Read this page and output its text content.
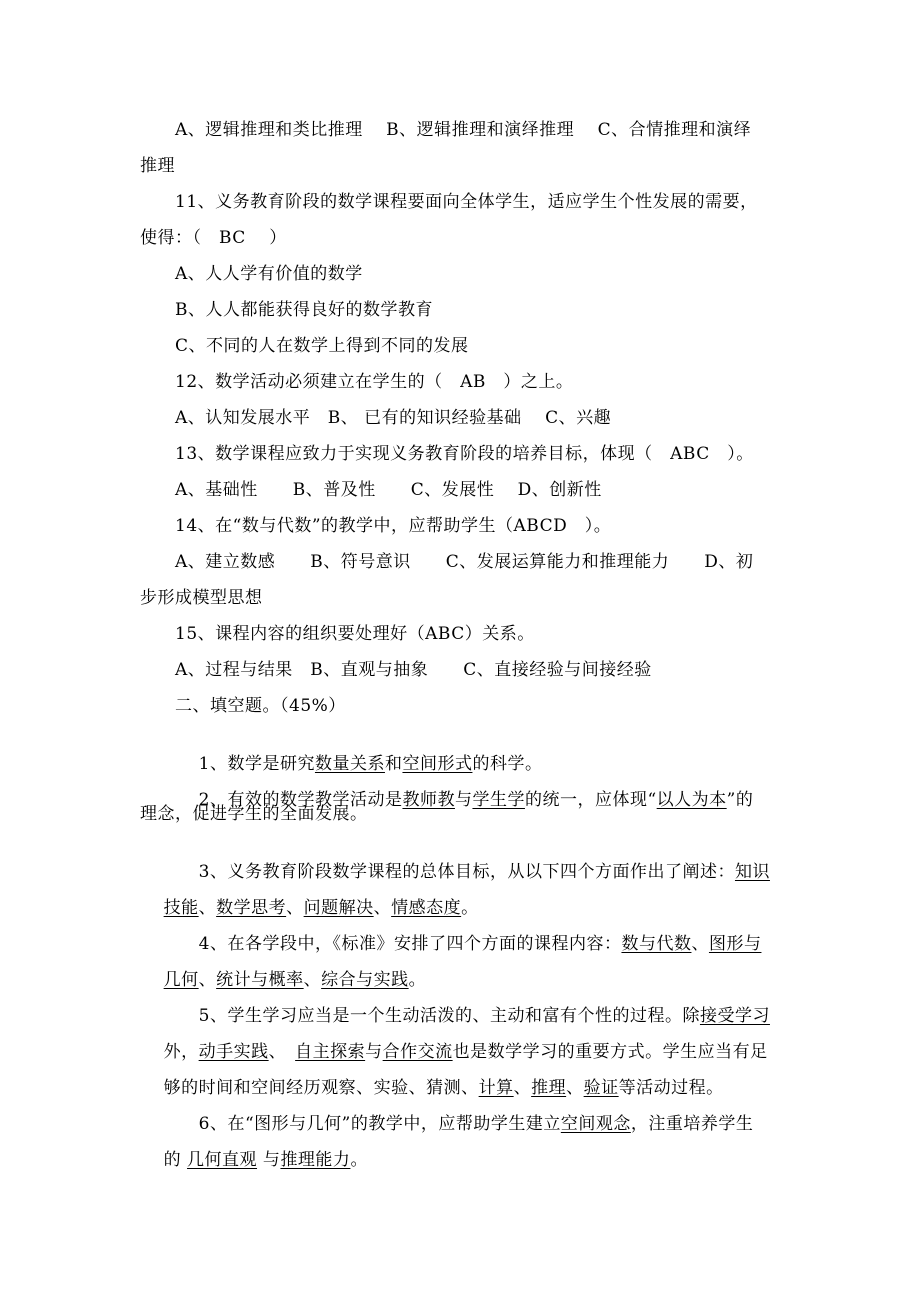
A、逻辑推理和类比推理　 B、逻辑推理和演绎推理　 C、合情推理和演绎
推理
11、义务教育阶段的数学课程要面向全体学生，适应学生个性发展的需要，
使得：（　BC　 ）
A、人人学有价值的数学
B、人人都能获得良好的数学教育
C、不同的人在数学上得到不同的发展
12、数学活动必须建立在学生的（　AB　）之上。
A、认知发展水平　B、 已有的知识经验基础　 C、兴趣
13、数学课程应致力于实现义务教育阶段的培养目标，体现（　ABC　）。
A、基础性　　B、普及性　　C、发展性　 D、创新性
14、在“数与代数”的教学中，应帮助学生（ABCD　）。
A、建立数感　　B、符号意识　　C、发展运算能力和推理能力　　D、初
步形成模型思想
15、课程内容的组织要处理好（ABC）关系。
A、过程与结果　B、直观与抽象　　C、直接经验与间接经验
二、填空题。（45%）

1、数学是研究数量关系和空间形式的科学。

2、有效的数学教学活动是教师教与学生学的统一，应体现“以人为本”的

理念，促进学生的全面发展。

3、义务教育阶段数学课程的总体目标，从以下四个方面作出了阐述：知识

技能、数学思考、问题解决、情感态度。

4、在各学段中，《标准》安排了四个方面的课程内容：数与代数、图形与

几何、统计与概率、综合与实践。

5、学生学习应当是一个生动活泼的、主动和富有个性的过程。除接受学习

外，动手实践、　自主探索与合作交流也是数学学习的重要方式。学生应当有足

够的时间和空间经历观察、实验、猜测、计算、推理、验证等活动过程。

6、在“图形与几何”的教学中，应帮助学生建立空间观念，注重培养学生

的 几何直观 与推理能力。
